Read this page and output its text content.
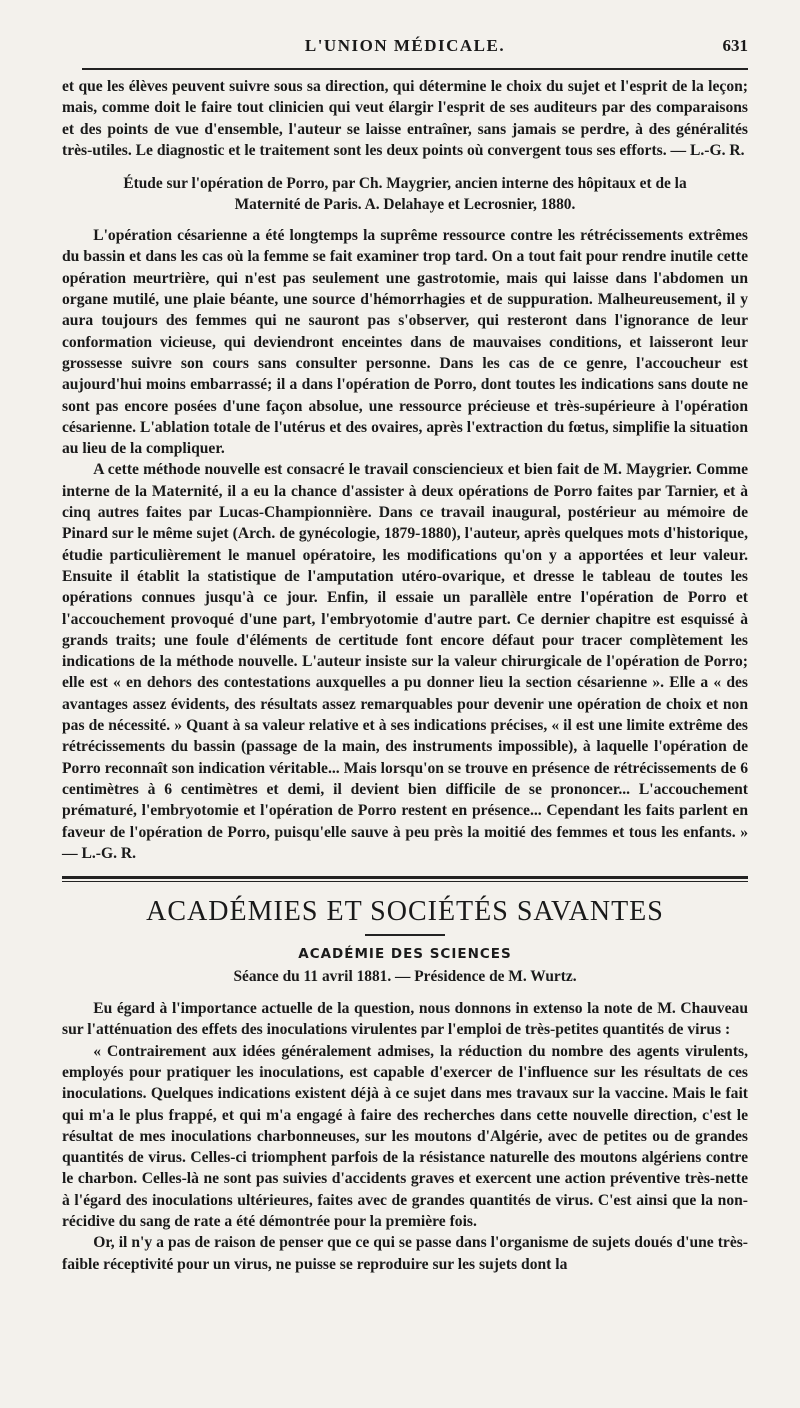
L'UNION MÉDICALE.	631

et que les élèves peuvent suivre sous sa direction, qui détermine le choix du sujet et l'esprit de la leçon; mais, comme doit le faire tout clinicien qui veut élargir l'esprit de ses auditeurs par des comparaisons et des points de vue d'ensemble, l'auteur se laisse entraîner, sans jamais se perdre, à des généralités très-utiles. Le diagnostic et le traitement sont les deux points où convergent tous ses efforts. — L.-G. R.

Étude sur l'opération de Porro, par Ch. Maygrier, ancien interne des hôpitaux et de la
Maternité de Paris. A. Delahaye et Lecrosnier, 1880.

L'opération césarienne a été longtemps la suprême ressource contre les rétrécissements extrêmes du bassin et dans les cas où la femme se fait examiner trop tard. On a tout fait pour rendre inutile cette opération meurtrière, qui n'est pas seulement une gastrotomie, mais qui laisse dans l'abdomen un organe mutilé, une plaie béante, une source d'hémorrhagies et de suppuration. Malheureusement, il y aura toujours des femmes qui ne sauront pas s'observer, qui resteront dans l'ignorance de leur conformation vicieuse, qui deviendront enceintes dans de mauvaises conditions, et laisseront leur grossesse suivre son cours sans consulter personne. Dans les cas de ce genre, l'accoucheur est aujourd'hui moins embarrassé; il a dans l'opération de Porro, dont toutes les indications sans doute ne sont pas encore posées d'une façon absolue, une ressource précieuse et très-supérieure à l'opération césarienne. L'ablation totale de l'utérus et des ovaires, après l'extraction du fœtus, simplifie la situation au lieu de la compliquer.

A cette méthode nouvelle est consacré le travail consciencieux et bien fait de M. Maygrier. Comme interne de la Maternité, il a eu la chance d'assister à deux opérations de Porro faites par Tarnier, et à cinq autres faites par Lucas-Championnière. Dans ce travail inaugural, postérieur au mémoire de Pinard sur le même sujet (Arch. de gynécologie, 1879-1880), l'auteur, après quelques mots d'historique, étudie particulièrement le manuel opératoire, les modifications qu'on y a apportées et leur valeur. Ensuite il établit la statistique de l'amputation utéro-ovarique, et dresse le tableau de toutes les opérations connues jusqu'à ce jour. Enfin, il essaie un parallèle entre l'opération de Porro et l'accouchement provoqué d'une part, l'embryotomie d'autre part. Ce dernier chapitre est esquissé à grands traits; une foule d'éléments de certitude font encore défaut pour tracer complètement les indications de la méthode nouvelle. L'auteur insiste sur la valeur chirurgicale de l'opération de Porro; elle est « en dehors des contestations auxquelles a pu donner lieu la section césarienne ». Elle a « des avantages assez évidents, des résultats assez remarquables pour devenir une opération de choix et non pas de nécessité. » Quant à sa valeur relative et à ses indications précises, « il est une limite extrême des rétrécissements du bassin (passage de la main, des instruments impossible), à laquelle l'opération de Porro reconnaît son indication véritable... Mais lorsqu'on se trouve en présence de rétrécissements de 6 centimètres à 6 centimètres et demi, il devient bien difficile de se prononcer... L'accouchement prématuré, l'embryotomie et l'opération de Porro restent en présence... Cependant les faits parlent en faveur de l'opération de Porro, puisqu'elle sauve à peu près la moitié des femmes et tous les enfants. » — L.-G. R.

ACADÉMIES ET SOCIÉTÉS SAVANTES
ACADÉMIE DES SCIENCES
Séance du 11 avril 1881. — Présidence de M. Wurtz.

Eu égard à l'importance actuelle de la question, nous donnons in extenso la note de M. Chauveau sur l'atténuation des effets des inoculations virulentes par l'emploi de très-petites quantités de virus :

« Contrairement aux idées généralement admises, la réduction du nombre des agents virulents, employés pour pratiquer les inoculations, est capable d'exercer de l'influence sur les résultats de ces inoculations. Quelques indications existent déjà à ce sujet dans mes travaux sur la vaccine. Mais le fait qui m'a le plus frappé, et qui m'a engagé à faire des recherches dans cette nouvelle direction, c'est le résultat de mes inoculations charbonneuses, sur les moutons d'Algérie, avec de petites ou de grandes quantités de virus. Celles-ci triomphent parfois de la résistance naturelle des moutons algériens contre le charbon. Celles-là ne sont pas suivies d'accidents graves et exercent une action préventive très-nette à l'égard des inoculations ultérieures, faites avec de grandes quantités de virus. C'est ainsi que la non-récidive du sang de rate a été démontrée pour la première fois.

Or, il n'y a pas de raison de penser que ce qui se passe dans l'organisme de sujets doués d'une très-faible réceptivité pour un virus, ne puisse se reproduire sur les sujets dont la
